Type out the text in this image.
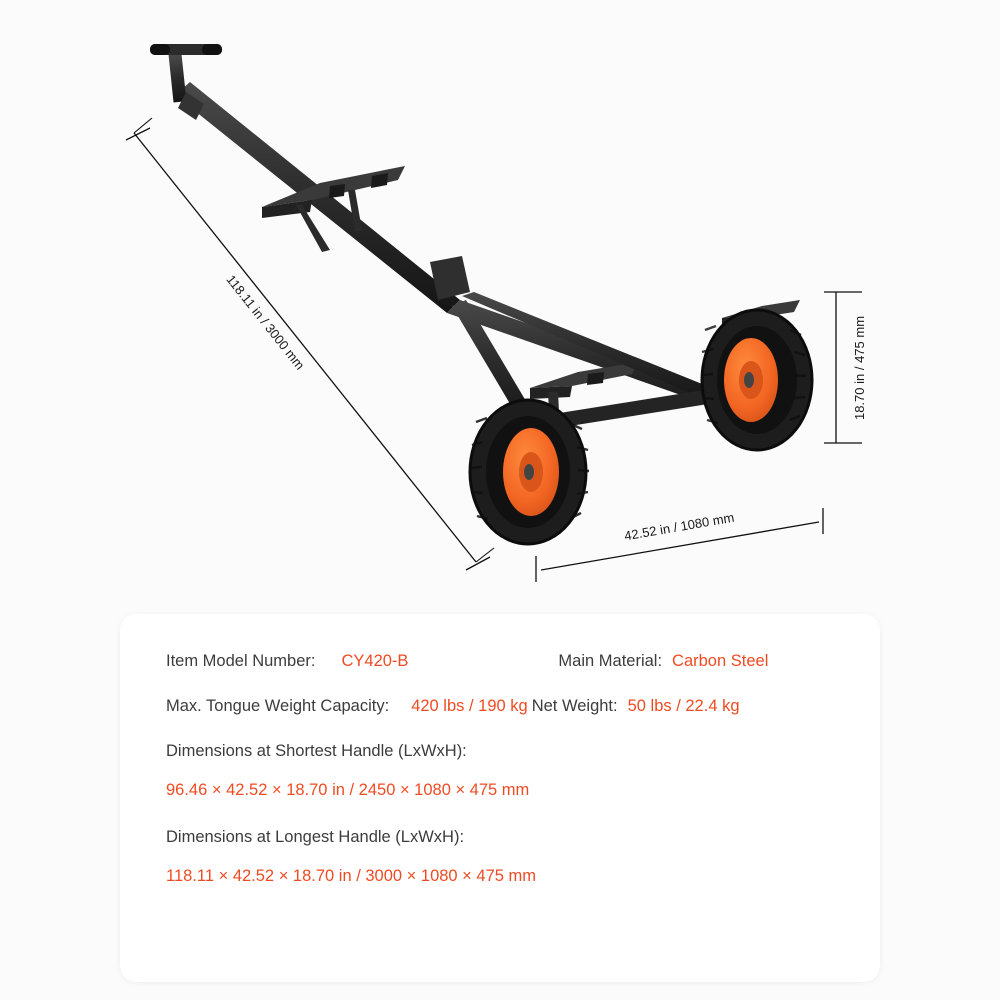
118.11 in / 3000 mm
42.52 in / 1080 mm
18.70 in / 475 mm
Item Model Number: CY420-B	Main Material: Carbon Steel
Max. Tongue Weight Capacity: 420 lbs / 190 kg Net Weight: 50 lbs / 22.4 kg
Dimensions at Shortest Handle (LxWxH):
96.46 × 42.52 × 18.70 in / 2450 × 1080 × 475 mm
Dimensions at Longest Handle (LxWxH):
118.11 × 42.52 × 18.70 in / 3000 × 1080 × 475 mm
